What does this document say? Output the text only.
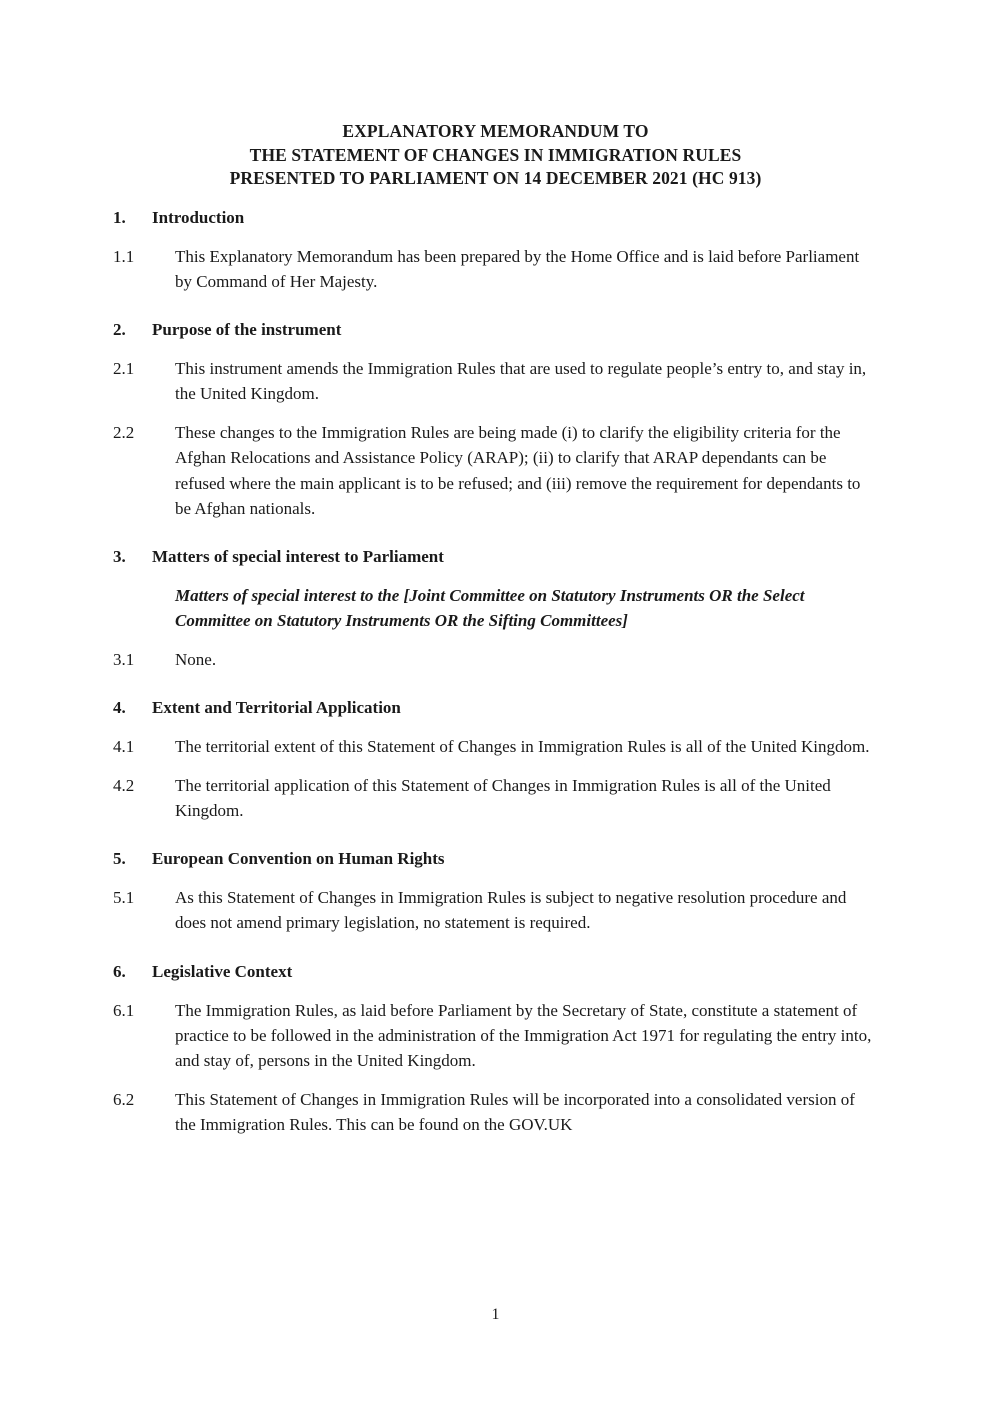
EXPLANATORY MEMORANDUM TO
THE STATEMENT OF CHANGES IN IMMIGRATION RULES
PRESENTED TO PARLIAMENT ON 14 DECEMBER 2021 (HC 913)
1.	Introduction
1.1	This Explanatory Memorandum has been prepared by the Home Office and is laid before Parliament by Command of Her Majesty.
2.	Purpose of the instrument
2.1	This instrument amends the Immigration Rules that are used to regulate people’s entry to, and stay in, the United Kingdom.
2.2	These changes to the Immigration Rules are being made (i) to clarify the eligibility criteria for the Afghan Relocations and Assistance Policy (ARAP); (ii) to clarify that ARAP dependants can be refused where the main applicant is to be refused; and (iii) remove the requirement for dependants to be Afghan nationals.
3.	Matters of special interest to Parliament
Matters of special interest to the [Joint Committee on Statutory Instruments OR the Select Committee on Statutory Instruments OR the Sifting Committees]
3.1	None.
4.	Extent and Territorial Application
4.1	The territorial extent of this Statement of Changes in Immigration Rules is all of the United Kingdom.
4.2	The territorial application of this Statement of Changes in Immigration Rules is all of the United Kingdom.
5.	European Convention on Human Rights
5.1	As this Statement of Changes in Immigration Rules is subject to negative resolution procedure and does not amend primary legislation, no statement is required.
6.	Legislative Context
6.1	The Immigration Rules, as laid before Parliament by the Secretary of State, constitute a statement of practice to be followed in the administration of the Immigration Act 1971 for regulating the entry into, and stay of, persons in the United Kingdom.
6.2	This Statement of Changes in Immigration Rules will be incorporated into a consolidated version of the Immigration Rules. This can be found on the GOV.UK
1
